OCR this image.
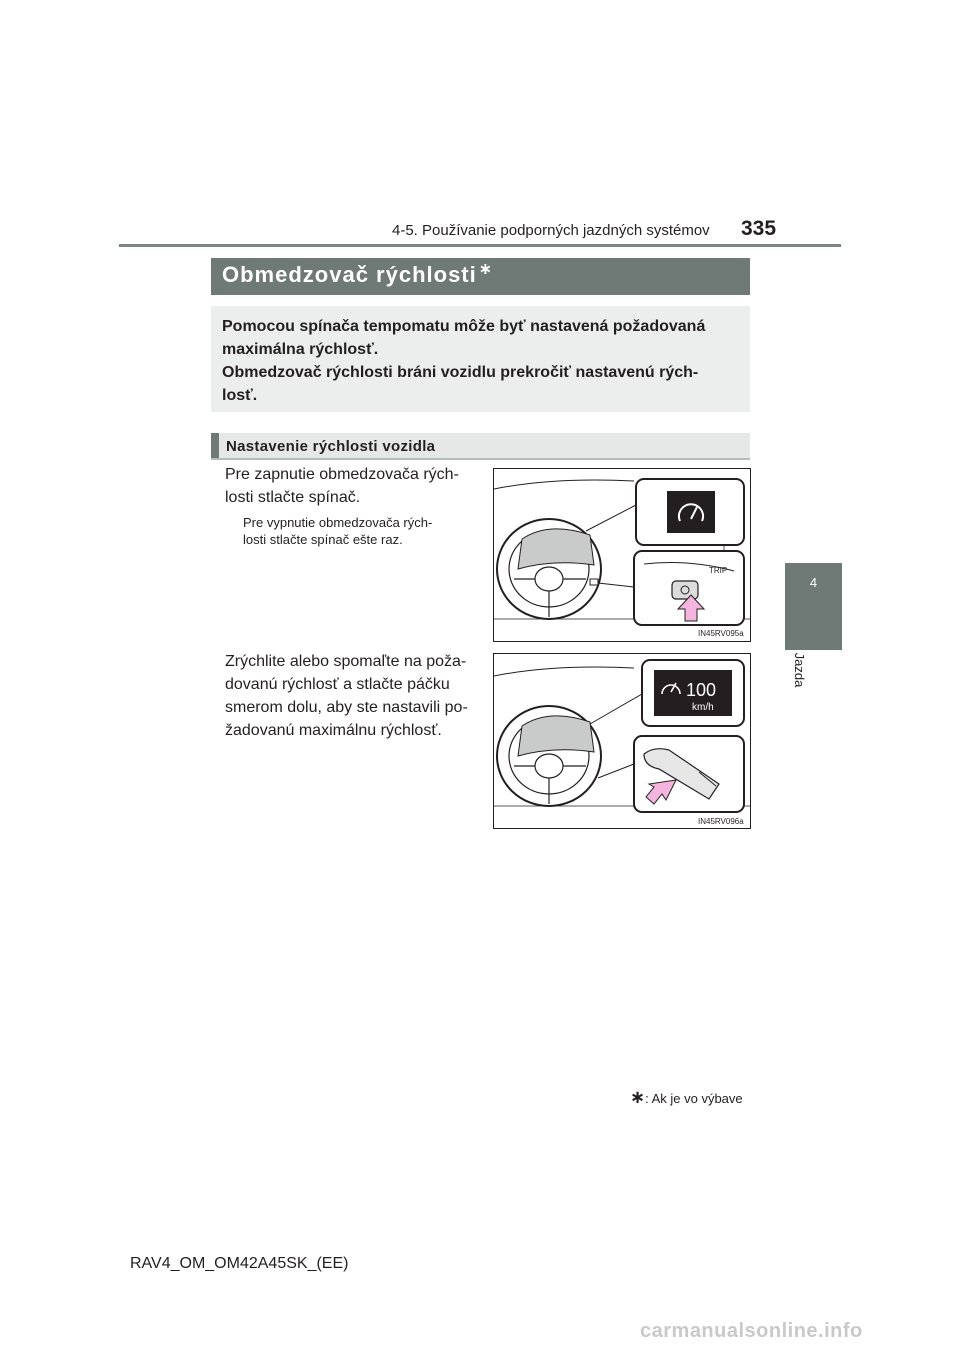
4-5. Používanie podporných jazdných systémov 335
4
Jazda
Obmedzovač rýchlosti ∗
Pomocou spínača tempomatu môže byť nastavená požadovaná
maximálna rýchlosť.
Obmedzovač rýchlosti bráni vozidlu prekročiť nastavenú rých-
losť.
Nastavenie rýchlosti vozidla
Pre zapnutie obmedzovača rých-
losti stlačte spínač.
Pre vypnutie obmedzovača rých-
losti stlačte spínač ešte raz.
Zrýchlite alebo spomaľte na poža-
dovanú rýchlosť a stlačte páčku
smerom dolu, aby ste nastavili po-
žadovanú maximálnu rýchlosť.
TRIP
IN45RV095a
100
km/h
IN45RV096a
∗: Ak je vo výbave
RAV4_OM_OM42A45SK_(EE)
carmanualsonline.info
